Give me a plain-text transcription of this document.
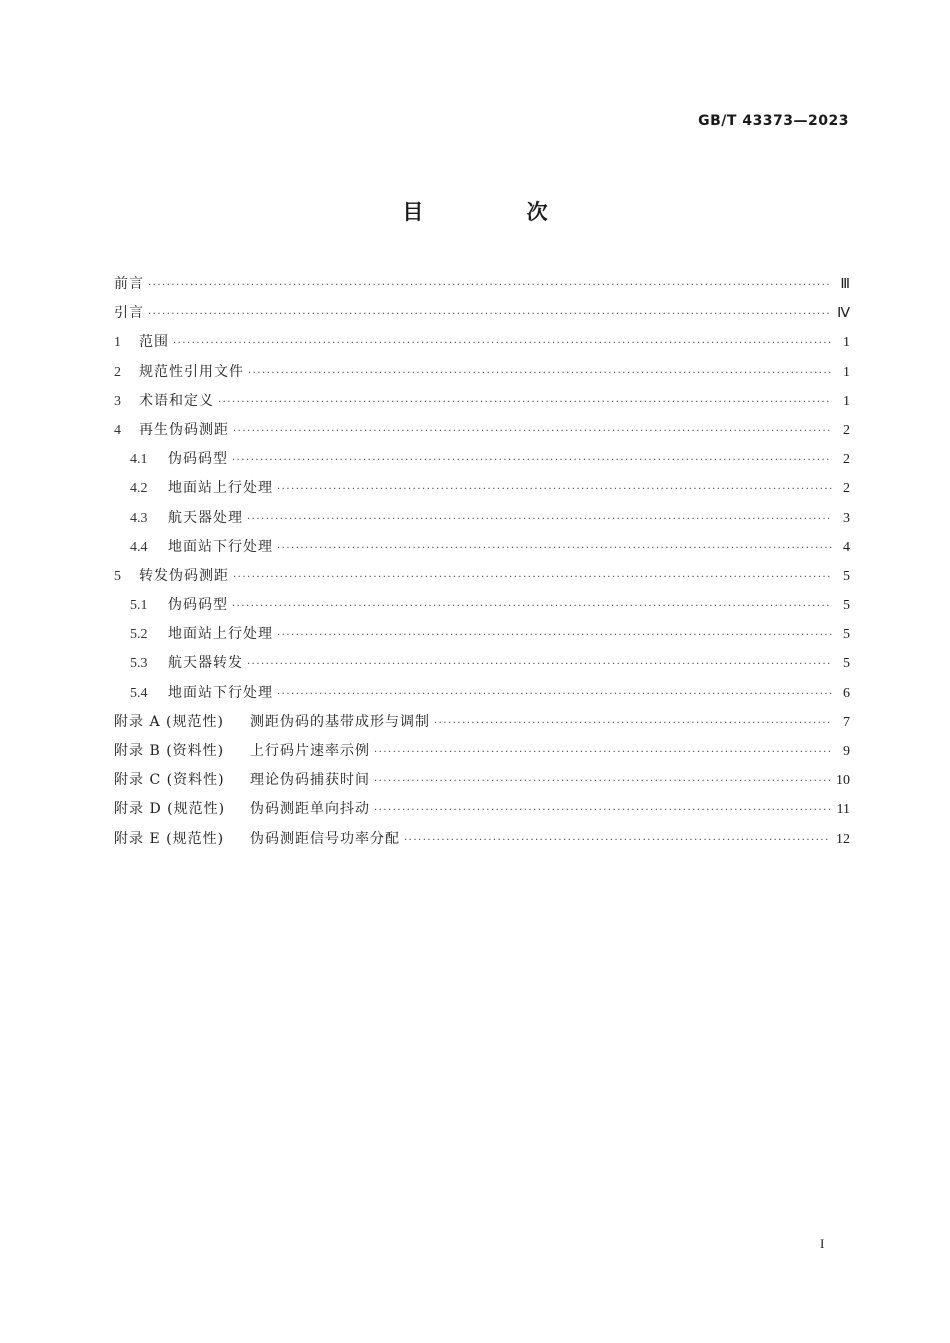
GB/T 43373—2023
目 次
前言 ·····	Ⅲ
引言 ·····	Ⅳ
1	范围 ·····	1
2	规范性引用文件 ·····	1
3	术语和定义 ·····	1
4	再生伪码测距 ·····	2
4.1	伪码码型 ·····	2
4.2	地面站上行处理 ·····	2
4.3	航天器处理 ·····	3
4.4	地面站下行处理 ·····	4
5	转发伪码测距 ·····	5
5.1	伪码码型 ·····	5
5.2	地面站上行处理 ·····	5
5.3	航天器转发 ·····	5
5.4	地面站下行处理 ·····	6
附录 A (规范性)	测距伪码的基带成形与调制 ·····	7
附录 B (资料性)	上行码片速率示例 ·····	9
附录 C (资料性)	理论伪码捕获时间 ·····	10
附录 D (规范性)	伪码测距单向抖动 ·····	11
附录 E (规范性)	伪码测距信号功率分配 ·····	12
I
